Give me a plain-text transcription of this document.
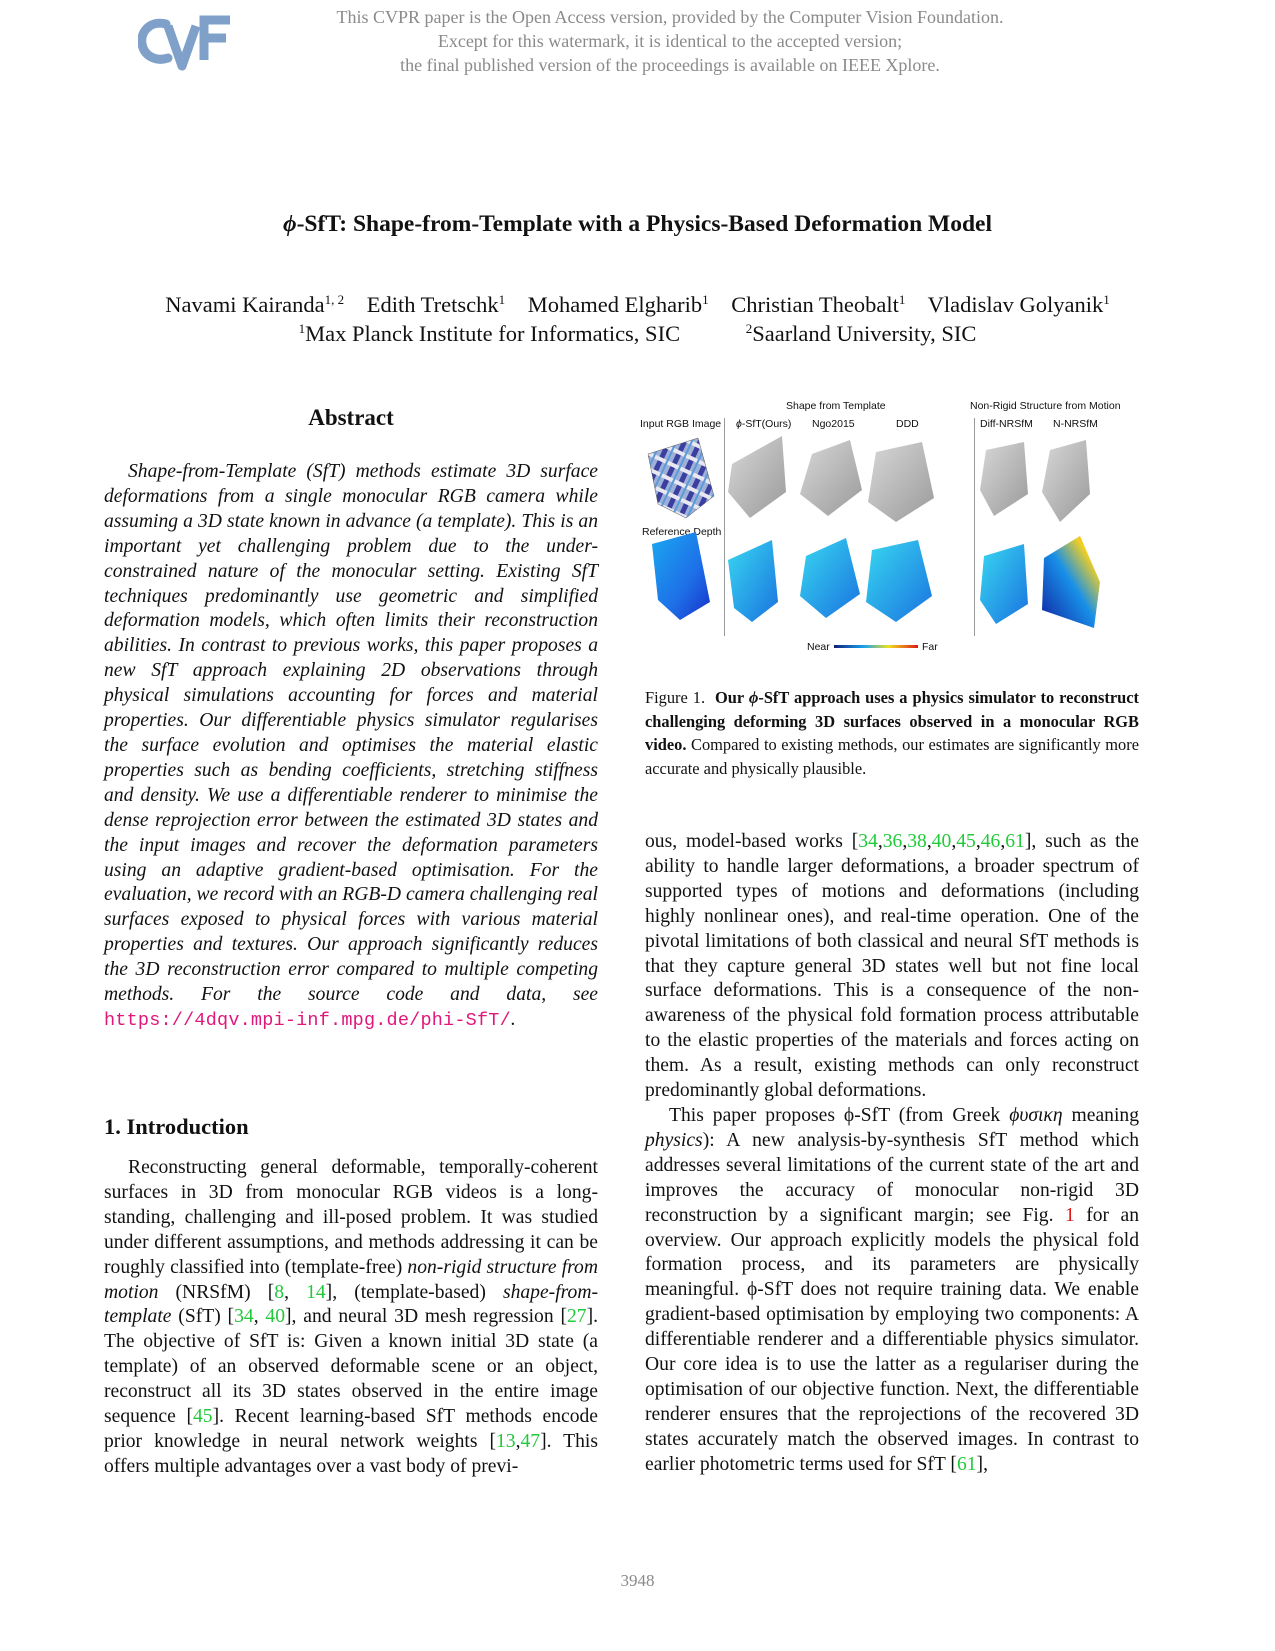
This CVPR paper is the Open Access version, provided by the Computer Vision Foundation.
Except for this watermark, it is identical to the accepted version;
the final published version of the proceedings is available on IEEE Xplore.
ϕ-SfT: Shape-from-Template with a Physics-Based Deformation Model
Navami Kairanda$^{1, 2}$ Edith Tretschk$^1$ Mohamed Elgharib$^1$ Christian Theobalt$^1$ Vladislav Golyanik$^1$
$^1$Max Planck Institute for Informatics, SIC	$^2$Saarland University, SIC
Abstract

Shape-from-Template (SfT) methods estimate 3D surface deformations from a single monocular RGB camera while assuming a 3D state known in advance (a template). This is an important yet challenging problem due to the under-constrained nature of the monocular setting. Existing SfT techniques predominantly use geometric and simplified deformation models, which often limits their reconstruction abilities. In contrast to previous works, this paper proposes a new SfT approach explaining 2D observations through physical simulations accounting for forces and material properties. Our differentiable physics simulator regularises the surface evolution and optimises the material elastic properties such as bending coefficients, stretching stiffness and density. We use a differentiable renderer to minimise the dense reprojection error between the estimated 3D states and the input images and recover the deformation parameters using an adaptive gradient-based optimisation. For the evaluation, we record with an RGB-D camera challenging real surfaces exposed to physical forces with various material properties and textures. Our approach significantly reduces the 3D reconstruction error compared to multiple competing methods. For the source code and data, see https://4dqv.mpi-inf.mpg.de/phi-SfT/.

Shape from Template	Non-Rigid Structure from Motion
Input RGB Image ϕ-SfT(Ours) Ngo2015	DDD	Diff-NRSfM N-NRSfM
Reference Depth
Near	Far
Figure 1. Our ϕ-SfT approach uses a physics simulator to reconstruct challenging deforming 3D surfaces observed in a monocular RGB video. Compared to existing methods, our estimates are significantly more accurate and physically plausible.
1. Introduction

Reconstructing general deformable, temporally-coherent surfaces in 3D from monocular RGB videos is a long-standing, challenging and ill-posed problem. It was studied under different assumptions, and methods addressing it can be roughly classified into (template-free) non-rigid structure from motion (NRSfM) [8, 14], (template-based) shape-from-template (SfT) [34, 40], and neural 3D mesh regression [27]. The objective of SfT is: Given a known initial 3D state (a template) of an observed deformable scene or an object, reconstruct all its 3D states observed in the entire image sequence [45]. Recent learning-based SfT methods encode prior knowledge in neural network weights [13,47]. This offers multiple advantages over a vast body of previ-

ous, model-based works [34,36,38,40,45,46,61], such as the ability to handle larger deformations, a broader spectrum of supported types of motions and deformations (including highly nonlinear ones), and real-time operation. One of the pivotal limitations of both classical and neural SfT methods is that they capture general 3D states well but not fine local surface deformations. This is a consequence of the non-awareness of the physical fold formation process attributable to the elastic properties of the materials and forces acting on them. As a result, existing methods can only reconstruct predominantly global deformations.

This paper proposes ϕ-SfT (from Greek ϕυσικη meaning physics): A new analysis-by-synthesis SfT method which addresses several limitations of the current state of the art and improves the accuracy of monocular non-rigid 3D reconstruction by a significant margin; see Fig. 1 for an overview. Our approach explicitly models the physical fold formation process, and its parameters are physically meaningful. ϕ-SfT does not require training data. We enable gradient-based optimisation by employing two components: A differentiable renderer and a differentiable physics simulator. Our core idea is to use the latter as a regulariser during the optimisation of our objective function. Next, the differentiable renderer ensures that the reprojections of the recovered 3D states accurately match the observed images. In contrast to earlier photometric terms used for SfT [61],

3948
